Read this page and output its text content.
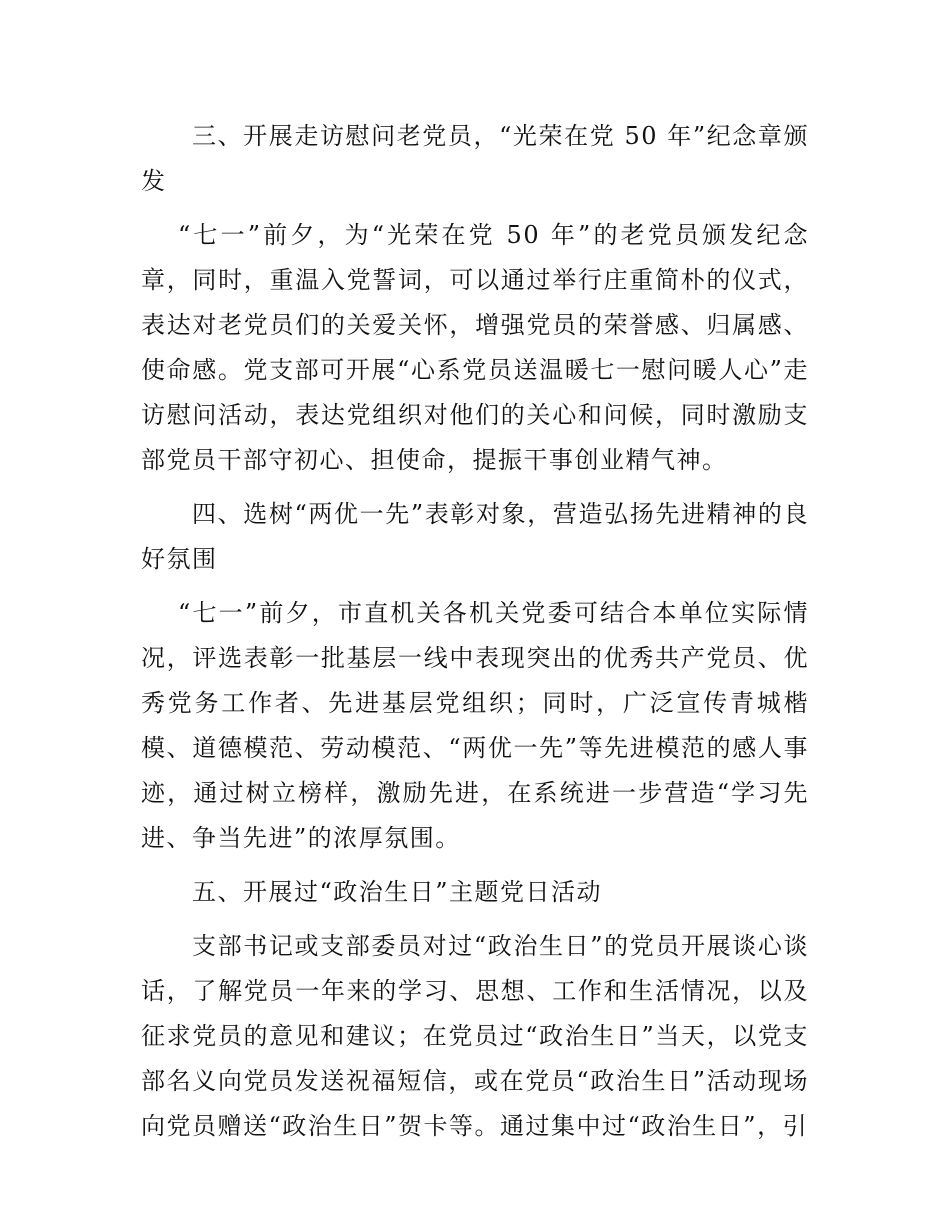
三、开展走访慰问老党员，“光荣在党 50 年”纪念章颁发

“七一”前夕，为“光荣在党 50 年”的老党员颁发纪念章，同时，重温入党誓词，可以通过举行庄重简朴的仪式，表达对老党员们的关爱关怀，增强党员的荣誉感、归属感、使命感。党支部可开展“心系党员送温暖七一慰问暖人心”走访慰问活动，表达党组织对他们的关心和问候，同时激励支部党员干部守初心、担使命，提振干事创业精气神。

四、选树“两优一先”表彰对象，营造弘扬先进精神的良好氛围

“七一”前夕，市直机关各机关党委可结合本单位实际情况，评选表彰一批基层一线中表现突出的优秀共产党员、优秀党务工作者、先进基层党组织；同时，广泛宣传青城楷模、道德模范、劳动模范、“两优一先”等先进模范的感人事迹，通过树立榜样，激励先进，在系统进一步营造“学习先进、争当先进”的浓厚氛围。

五、开展过“政治生日”主题党日活动

支部书记或支部委员对过“政治生日”的党员开展谈心谈话，了解党员一年来的学习、思想、工作和生活情况，以及征求党员的意见和建议；在党员过“政治生日”当天，以党支部名义向党员发送祝福短信，或在党员“政治生日”活动现场向党员赠送“政治生日”贺卡等。通过集中过“政治生日”，引
